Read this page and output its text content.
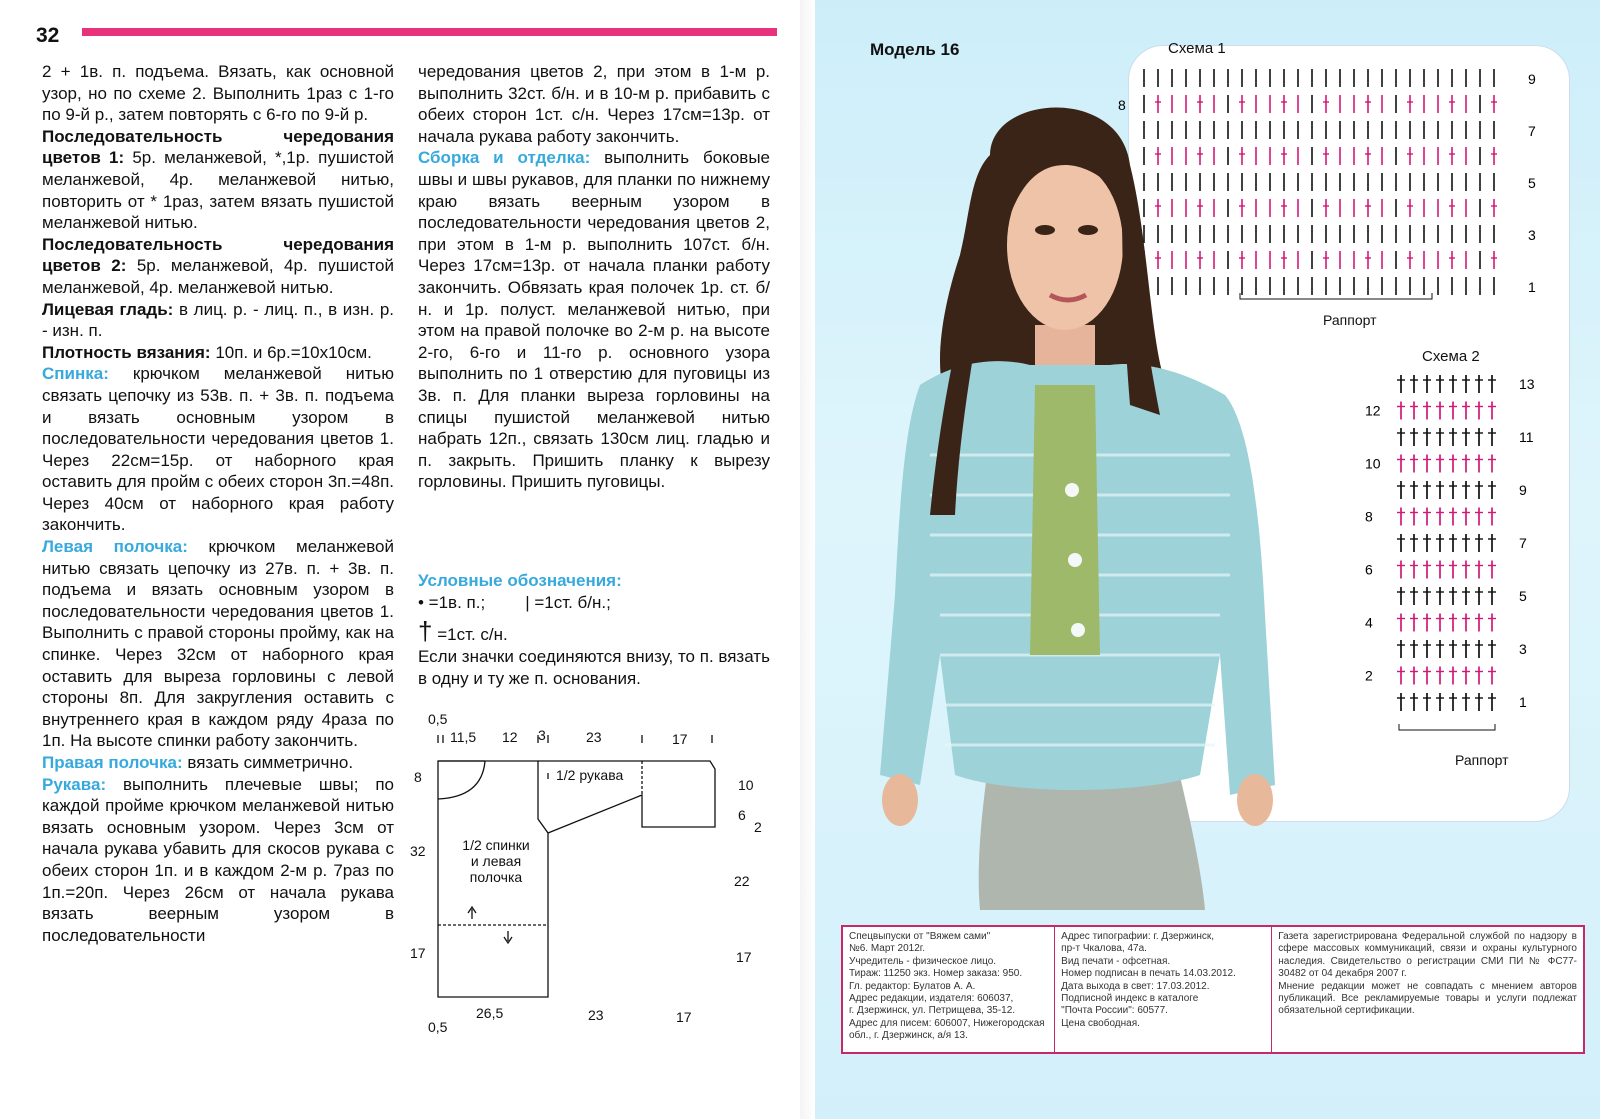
32

2 + 1в. п. подъема. Вязать, как основной узор, но по схеме 2. Выполнить 1раз с 1-го по 9-й р., затем повторять с 6-го по 9-й р.

Последовательность чередования цветов 1: 5р. меланжевой, *,1р. пушистой меланжевой, 4р. меланжевой нитью, повторить от * 1раз, затем вязать пушистой меланжевой нитью.

Последовательность чередования цветов 2: 5р. меланжевой, 4р. пушистой меланжевой, 4р. меланжевой нитью.

Лицевая гладь: в лиц. р. - лиц. п., в изн. р. - изн. п.

Плотность вязания: 10п. и 6р.=10х10см.

Спинка: крючком меланжевой нитью связать цепочку из 53в. п. + 3в. п. подъема и вязать основным узором в последовательности чередования цветов 1. Через 22см=15р. от наборного края оставить для пройм с обеих сторон 3п.=48п. Через 40см от наборного края работу закончить.

Левая полочка: крючком меланжевой нитью связать цепочку из 27в. п. + 3в. п. подъема и вязать основным узором в последовательности чередования цветов 1. Выполнить с правой стороны пройму, как на спинке. Через 32см от наборного края оставить для выреза горловины с левой стороны 8п. Для закругления оставить с внутреннего края в каждом ряду 4раза по 1п. На высоте спинки работу закончить.

Правая полочка: вязать симметрично.

Рукава: выполнить плечевые швы; по каждой пройме крючком меланжевой нитью вязать основным узором. Через 3см от начала рукава убавить для скосов рукава с обеих сторон 1п. и в каждом 2-м р. 7раз по 1п.=20п. Через 26см от начала рукава вязать веерным узором в последовательности

чередования цветов 2, при этом в 1-м р. выполнить 32ст. б/н. и в 10-м р. прибавить с обеих сторон 1ст. с/н. Через 17см=13р. от начала рукава работу закончить.

Сборка и отделка: выполнить боковые швы и швы рукавов, для планки по нижнему краю вязать веерным узором в последовательности чередования цветов 2, при этом в 1-м р. выполнить 107ст. б/н. Через 17см=13р. от начала планки работу закончить. Обвязать края полочек 1р. ст. б/н. и 1р. полуст. меланжевой нитью, при этом на правой полочке во 2-м р. на высоте 2-го, 6-го и 11-го р. основного узора выполнить по 1 отверстию для пуговицы из 3в. п. Для планки выреза горловины на спицы пушистой меланжевой нитью набрать 12п., связать 130см лиц. гладью и п. закрыть. Пришить планку к вырезу горловины. Пришить пуговицы.

Условные обозначения:
• =1в. п.; | =1ст. б/н.;
† =1ст. с/н.
Если значки соединяются внизу, то п. вязать в одну и ту же п. основания.
0,5
11,5 12 3	23	17
8
32
17
10
6
2
22
17
0,5
26,5	23	17
1/2 рукава
1/2 спинки
и левая
полочка
Модель 16	Схема 1
8
9
7
5
3
1
Раппорт
Схема 2
13
12
11
10
9
8
7
6
5
4
3
2
1
Раппорт

Спецвыпуски от "Вяжем сами"

№6. Март 2012г.

Учредитель - физическое лицо.

Тираж: 11250 экз. Номер заказа: 950.

Гл. редактор: Булатов А. А.

Адрес редакции, издателя: 606037,

г. Дзержинск, ул. Петрищева, 35-12.

Адрес для писем: 606007, Нижегородская обл., г. Дзержинск, а/я 13.

Адрес типографии: г. Дзержинск,

пр-т Чкалова, 47а.

Вид печати - офсетная.

Номер подписан в печать 14.03.2012.

Дата выхода в свет: 17.03.2012.

Подписной индекс в каталоге

"Почта России": 60577.

Цена свободная.

Газета зарегистрирована Федеральной службой по надзору в сфере массовых коммуникаций, связи и охраны культурного наследия. Свидетельство о регистрации СМИ ПИ № ФС77-30482 от 04 декабря 2007 г.

Мнение редакции может не совпадать с мнением авторов публикаций. Все рекламируемые товары и услуги подлежат обязательной сертификации.
